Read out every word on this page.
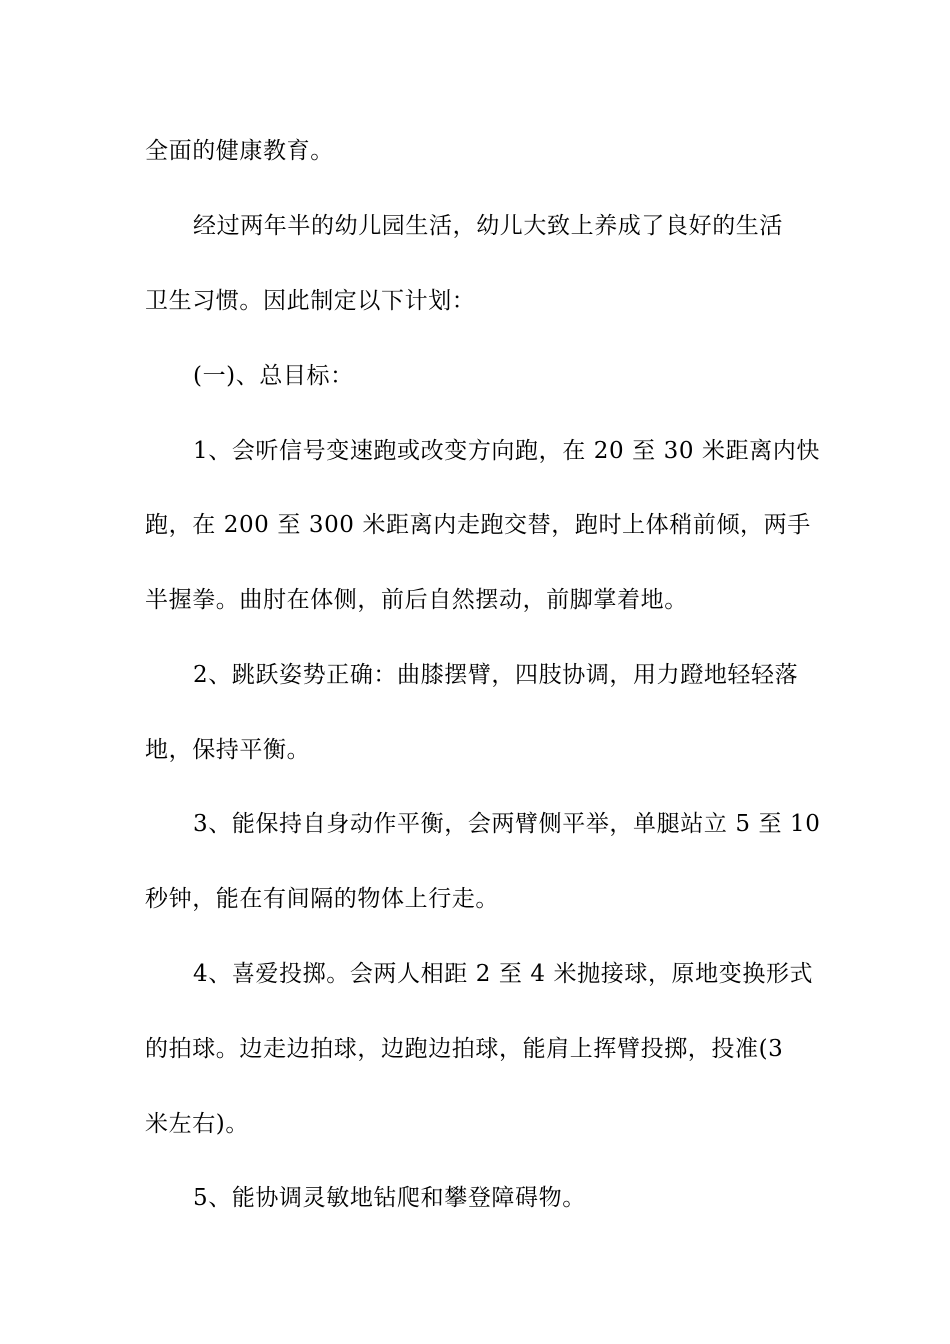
全面的健康教育。
经过两年半的幼儿园生活，幼儿大致上养成了良好的生活
卫生习惯。因此制定以下计划：
(一)、总目标：
1、会听信号变速跑或改变方向跑，在 20 至 30 米距离内快
跑，在 200 至 300 米距离内走跑交替，跑时上体稍前倾，两手
半握拳。曲肘在体侧，前后自然摆动，前脚掌着地。
2、跳跃姿势正确：曲膝摆臂，四肢协调，用力蹬地轻轻落
地，保持平衡。
3、能保持自身动作平衡，会两臂侧平举，单腿站立 5 至 10
秒钟，能在有间隔的物体上行走。
4、喜爱投掷。会两人相距 2 至 4 米抛接球，原地变换形式
的拍球。边走边拍球，边跑边拍球，能肩上挥臂投掷，投准(3
米左右)。
5、能协调灵敏地钻爬和攀登障碍物。
